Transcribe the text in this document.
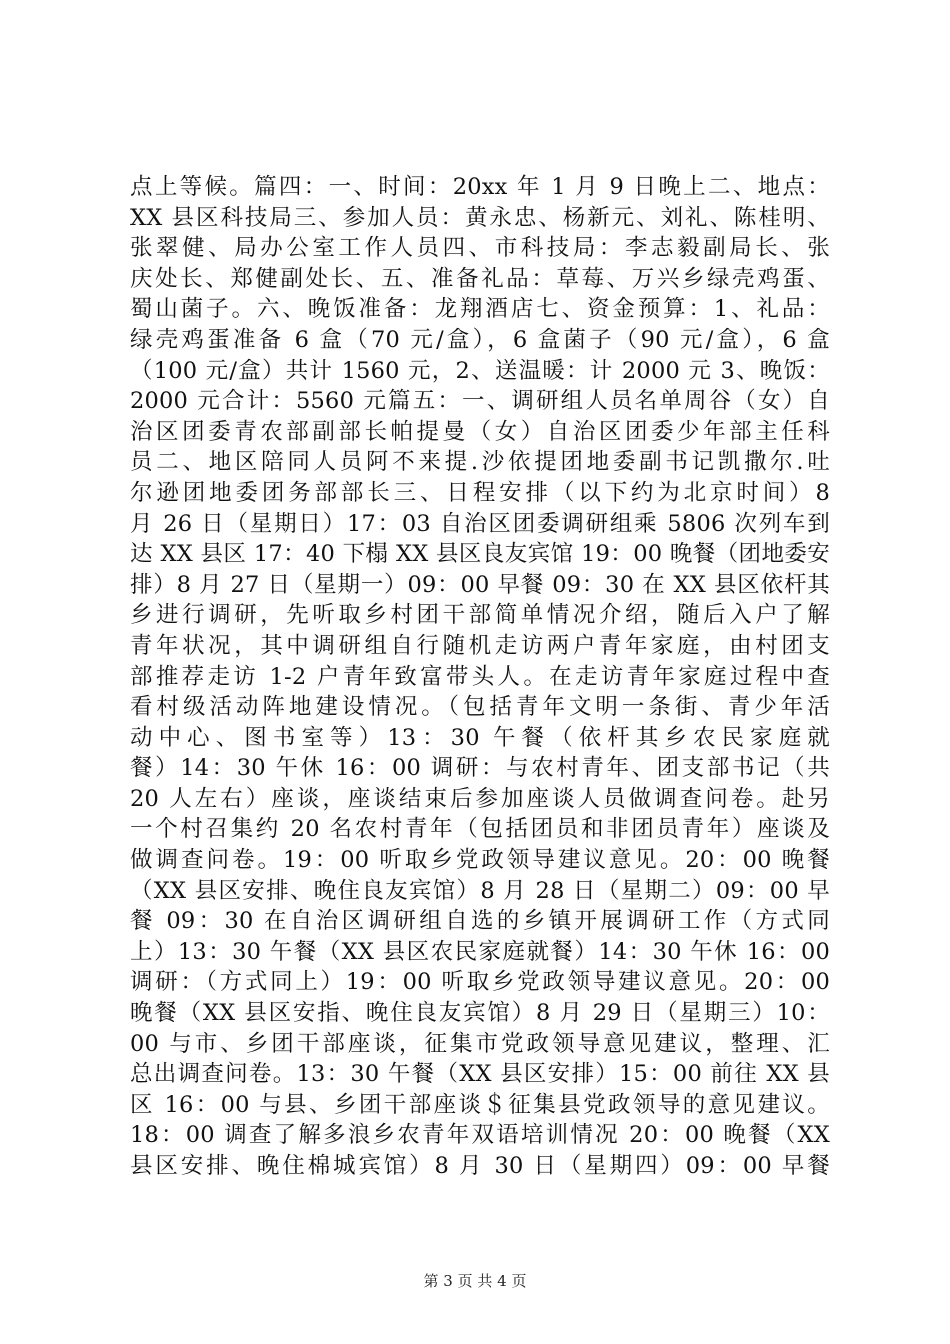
点上等候。篇四：一、时间：20xx 年 1 月 9 日晚上二、地点：
XX 县区科技局三、参加人员：黄永忠、杨新元、刘礼、陈桂明、
张翠健、局办公室工作人员四、市科技局：李志毅副局长、张
庆处长、郑健副处长、五、准备礼品：草莓、万兴乡绿壳鸡蛋、
蜀山菌子。六、晚饭准备：龙翔酒店七、资金预算：1、礼品：
绿壳鸡蛋准备 6 盒（70 元/盒），6 盒菌子（90 元/盒），6 盒
（100 元/盒）共计 1560 元，2、送温暖：计 2000 元 3、晚饭：
2000 元合计：5560 元篇五：一、调研组人员名单周谷（女）自
治区团委青农部副部长帕提曼（女）自治区团委少年部主任科
员二、地区陪同人员阿不来提.沙依提团地委副书记凯撒尔.吐
尔逊团地委团务部部长三、日程安排（以下约为北京时间）8
月 26 日（星期日）17：03 自治区团委调研组乘 5806 次列车到
达 XX 县区 17：40 下榻 XX 县区良友宾馆 19：00 晚餐（团地委安
排）8 月 27 日（星期一）09：00 早餐 09：30 在 XX 县区依杆其
乡进行调研，先听取乡村团干部简单情况介绍，随后入户了解
青年状况，其中调研组自行随机走访两户青年家庭，由村团支
部推荐走访 1-2 户青年致富带头人。在走访青年家庭过程中查
看村级活动阵地建设情况。（包括青年文明一条街、青少年活
动中心、图书室等）13：30 午餐（依杆其乡农民家庭就
餐）14：30 午休 16：00 调研：与农村青年、团支部书记（共
20 人左右）座谈，座谈结束后参加座谈人员做调查问卷。赴另
一个村召集约 20 名农村青年（包括团员和非团员青年）座谈及
做调查问卷。19：00 听取乡党政领导建议意见。20：00 晚餐
（XX 县区安排、晚住良友宾馆）8 月 28 日（星期二）09：00 早
餐 09：30 在自治区调研组自选的乡镇开展调研工作（方式同
上）13：30 午餐（XX 县区农民家庭就餐）14：30 午休 16：00
调研：（方式同上）19：00 听取乡党政领导建议意见。20：00
晚餐（XX 县区安指、晚住良友宾馆）8 月 29 日（星期三）10：
00 与市、乡团干部座谈，征集市党政领导意见建议，整理、汇
总出调查问卷。13：30 午餐（XX 县区安排）15：00 前往 XX 县
区 16：00 与县、乡团干部座谈＄征集县党政领导的意见建议。
18：00 调查了解多浪乡农青年双语培训情况 20：00 晚餐（XX
县区安排、晚住棉城宾馆）8 月 30 日（星期四）09：00 早餐
第 3 页 共 4 页
